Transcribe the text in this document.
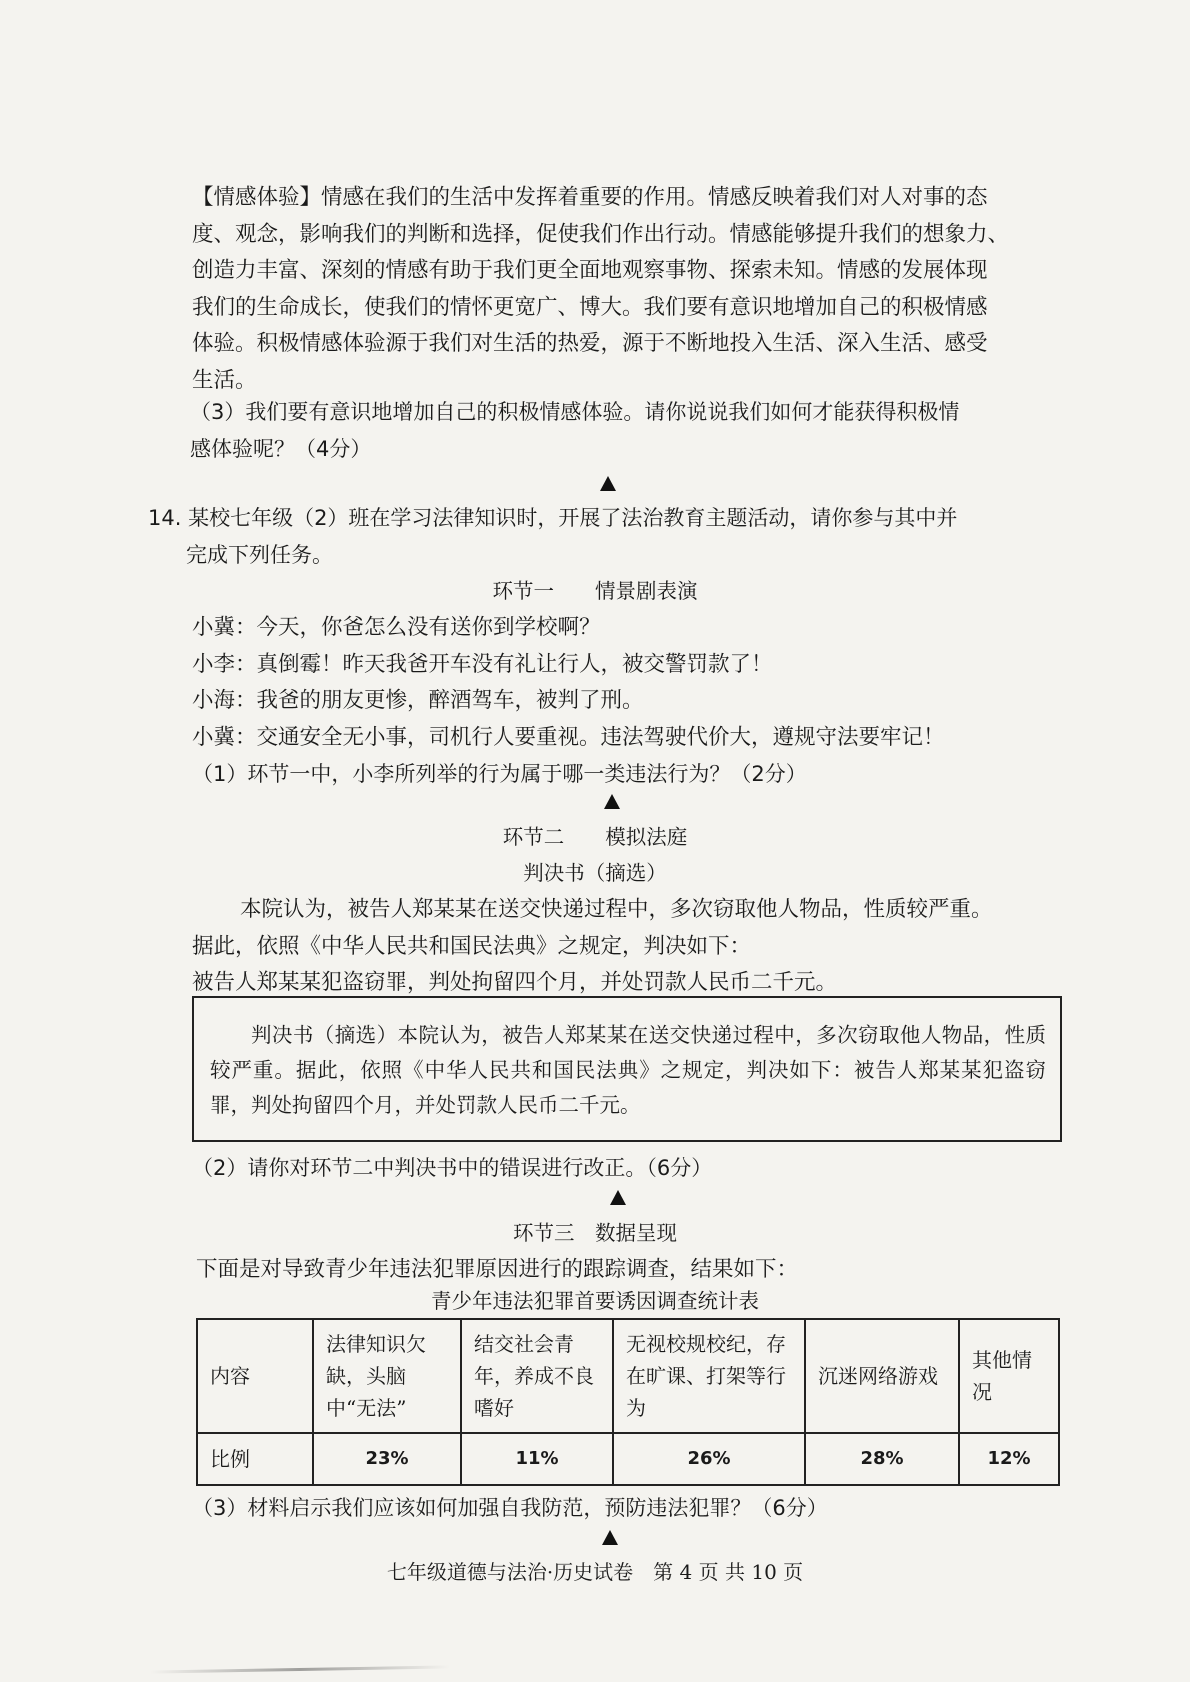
【情感体验】情感在我们的生活中发挥着重要的作用。情感反映着我们对人对事的态
度、观念，影响我们的判断和选择，促使我们作出行动。情感能够提升我们的想象力、
创造力丰富、深刻的情感有助于我们更全面地观察事物、探索未知。情感的发展体现
我们的生命成长，使我们的情怀更宽广、博大。我们要有意识地增加自己的积极情感
体验。积极情感体验源于我们对生活的热爱，源于不断地投入生活、深入生活、感受
生活。
（3）我们要有意识地增加自己的积极情感体验。请你说说我们如何才能获得积极情
感体验呢？（4分）
14. 某校七年级（2）班在学习法律知识时，开展了法治教育主题活动，请你参与其中并
完成下列任务。
环节一　　情景剧表演
小冀：今天，你爸怎么没有送你到学校啊？
小李：真倒霉！昨天我爸开车没有礼让行人，被交警罚款了！
小海：我爸的朋友更惨，醉酒驾车，被判了刑。
小冀：交通安全无小事，司机行人要重视。违法驾驶代价大，遵规守法要牢记！
（1）环节一中，小李所列举的行为属于哪一类违法行为？（2分）
环节二　　模拟法庭
判决书（摘选）
本院认为，被告人郑某某在送交快递过程中，多次窃取他人物品，性质较严重。
据此，依照《中华人民共和国民法典》之规定，判决如下：
被告人郑某某犯盗窃罪，判处拘留四个月，并处罚款人民币二千元。
判决书（摘选）本院认为，被告人郑某某在送交快递过程中，多次窃取他人物品，性质较严重。据此，依照《中华人民共和国民法典》之规定，判决如下：被告人郑某某犯盗窃罪，判处拘留四个月，并处罚款人民币二千元。
（2）请你对环节二中判决书中的错误进行改正。（6分）
环节三　数据呈现
下面是对导致青少年违法犯罪原因进行的跟踪调查，结果如下：
青少年违法犯罪首要诱因调查统计表
内容	法律知识欠缺，头脑中“无法”	结交社会青年，养成不良嗜好	无视校规校纪，存在旷课、打架等行为	沉迷网络游戏	其他情况
比例	23%	11%	26%	28%	12%
（3）材料启示我们应该如何加强自我防范，预防违法犯罪？（6分）
七年级道德与法治·历史试卷　第 4 页 共 10 页
